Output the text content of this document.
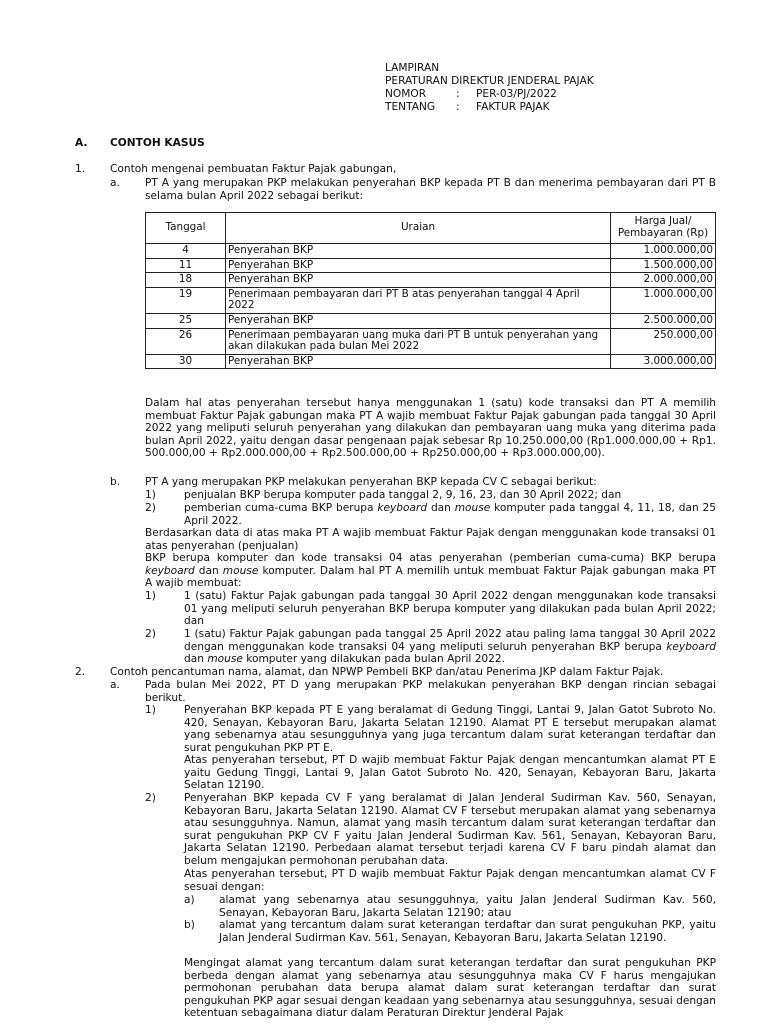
LAMPIRAN
PERATURAN DIREKTUR JENDERAL PAJAK
NOMOR	: PER-03/PJ/2022
TENTANG : FAKTUR PAJAK
A. CONTOH KASUS
1. Contoh mengenai pembuatan Faktur Pajak gabungan,
a. PT A yang merupakan PKP melakukan penyerahan BKP kepada PT B dan menerima pembayaran dari PT B selama bulan April 2022 sebagai berikut:
Tanggal	Uraian	Harga Jual/ Pembayaran (Rp)
4	Penyerahan BKP	1.000.000,00
11	Penyerahan BKP	1.500.000,00
18	Penyerahan BKP	2.000.000,00
19	Penerimaan pembayaran dari PT B atas penyerahan tanggal 4 April 2022	1.000.000,00
25	Penyerahan BKP	2.500.000,00
26	Penerimaan pembayaran uang muka dari PT B untuk penyerahan yang akan dilakukan pada bulan Mei 2022	250.000,00
30	Penyerahan BKP	3.000.000,00
Dalam hal atas penyerahan tersebut hanya menggunakan 1 (satu) kode transaksi dan PT A memilih membuat Faktur Pajak gabungan maka PT A wajib membuat Faktur Pajak gabungan pada tanggal 30 April 2022 yang meliputi seluruh penyerahan yang dilakukan dan pembayaran uang muka yang diterima pada bulan April 2022, yaitu dengan dasar pengenaan pajak sebesar Rp 10.250.000,00 (Rp1.000.000,00 + Rp1. 500.000,00 + Rp2.000.000,00 + Rp2.500.000,00 + Rp250.000,00 + Rp3.000.000,00).
b. PT A yang merupakan PKP melakukan penyerahan BKP kepada CV C sebagai berikut:
1)	penjualan BKP berupa komputer pada tanggal 2, 9, 16, 23, dan 30 April 2022; dan
2)	pemberian cuma-cuma BKP berupa keyboard dan mouse komputer pada tanggal 4, 11, 18, dan 25 April 2022.
Berdasarkan data di atas maka PT A wajib membuat Faktur Pajak dengan menggunakan kode transaksi 01 atas penyerahan (penjualan)
BKP berupa komputer dan kode transaksi 04 atas penyerahan (pemberian cuma-cuma) BKP berupa keyboard dan mouse komputer. Dalam hal PT A memilih untuk membuat Faktur Pajak gabungan maka PT A wajib membuat:
1)	1 (satu) Faktur Pajak gabungan pada tanggal 30 April 2022 dengan menggunakan kode transaksi 01 yang meliputi seluruh penyerahan BKP berupa komputer yang dilakukan pada bulan April 2022; dan
2)	1 (satu) Faktur Pajak gabungan pada tanggal 25 April 2022 atau paling lama tanggal 30 April 2022 dengan menggunakan kode transaksi 04 yang meliputi seluruh penyerahan BKP berupa keyboard dan mouse komputer yang dilakukan pada bulan April 2022.
2. Contoh pencantuman nama, alamat, dan NPWP Pembeli BKP dan/atau Penerima JKP dalam Faktur Pajak.
a. Pada bulan Mei 2022, PT D yang merupakan PKP melakukan penyerahan BKP dengan rincian sebagai berikut.
1)	Penyerahan BKP kepada PT E yang beralamat di Gedung Tinggi, Lantai 9, Jalan Gatot Subroto No. 420, Senayan, Kebayoran Baru, Jakarta Selatan 12190. Alamat PT E tersebut merupakan alamat yang sebenarnya atau sesungguhnya yang juga tercantum dalam surat keterangan terdaftar dan surat pengukuhan PKP PT E.
Atas penyerahan tersebut, PT D wajib membuat Faktur Pajak dengan mencantumkan alamat PT E yaitu Gedung Tinggi, Lantai 9, Jalan Gatot Subroto No. 420, Senayan, Kebayoran Baru, Jakarta Selatan 12190.
2)	Penyerahan BKP kepada CV F yang beralamat di Jalan Jenderal Sudirman Kav. 560, Senayan, Kebayoran Baru, Jakarta Selatan 12190. Alamat CV F tersebut merupakan alamat yang sebenarnya atau sesungguhnya. Namun, alamat yang masih tercantum dalam surat keterangan terdaftar dan surat pengukuhan PKP CV F yaitu Jalan Jenderal Sudirman Kav. 561, Senayan, Kebayoran Baru, Jakarta Selatan 12190. Perbedaan alamat tersebut terjadi karena CV F baru pindah alamat dan belum mengajukan permohonan perubahan data.
Atas penyerahan tersebut, PT D wajib membuat Faktur Pajak dengan mencantumkan alamat CV F sesuai dengan:
a) alamat yang sebenarnya atau sesungguhnya, yaitu Jalan Jenderal Sudirman Kav. 560, Senayan, Kebayoran Baru, Jakarta Selatan 12190; atau
b) alamat yang tercantum dalam surat keterangan terdaftar dan surat pengukuhan PKP, yaitu Jalan Jenderal Sudirman Kav. 561, Senayan, Kebayoran Baru, Jakarta Selatan 12190.
Mengingat alamat yang tercantum dalam surat keterangan terdaftar dan surat pengukuhan PKP berbeda dengan alamat yang sebenarnya atau sesungguhnya maka CV F harus mengajukan permohonan perubahan data berupa alamat dalam surat keterangan terdaftar dan surat pengukuhan PKP agar sesuai dengan keadaan yang sebenarnya atau sesungguhnya, sesuai dengan ketentuan sebagaimana diatur dalam Peraturan Direktur Jenderal Pajak
